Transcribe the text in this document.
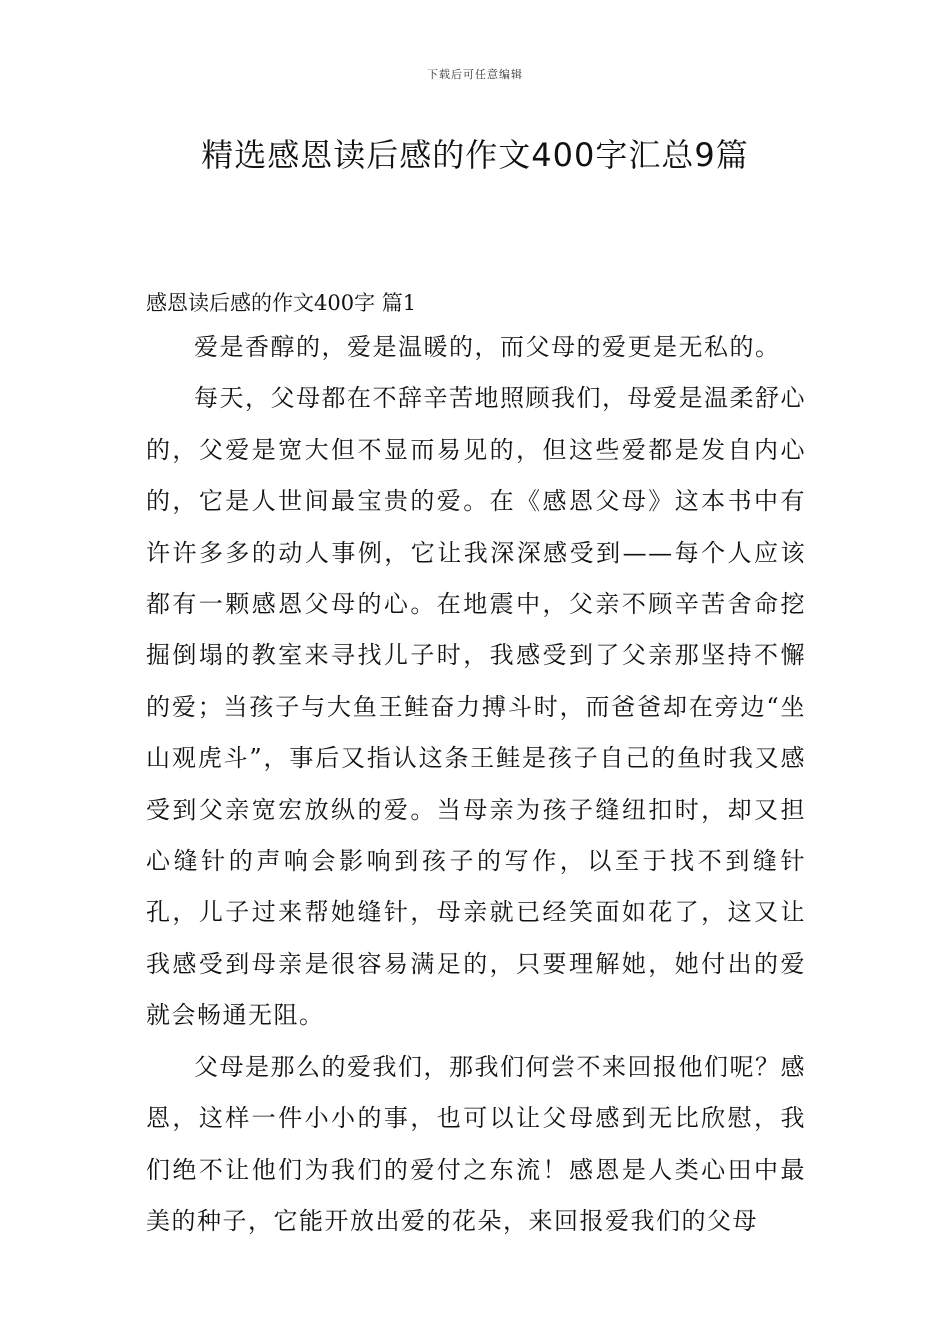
下载后可任意编辑
精选感恩读后感的作文400字汇总9篇
感恩读后感的作文400字 篇1

爱是香醇的，爱是温暖的，而父母的爱更是无私的。

每天，父母都在不辞辛苦地照顾我们，母爱是温柔舒心的，父爱是宽大但不显而易见的，但这些爱都是发自内心的，它是人世间最宝贵的爱。在《感恩父母》这本书中有许许多多的动人事例，它让我深深感受到——每个人应该都有一颗感恩父母的心。在地震中，父亲不顾辛苦舍命挖掘倒塌的教室来寻找儿子时，我感受到了父亲那坚持不懈的爱；当孩子与大鱼王鲑奋力搏斗时，而爸爸却在旁边“坐山观虎斗”，事后又指认这条王鲑是孩子自己的鱼时我又感受到父亲宽宏放纵的爱。当母亲为孩子缝纽扣时，却又担心缝针的声响会影响到孩子的写作，以至于找不到缝针孔，儿子过来帮她缝针，母亲就已经笑面如花了，这又让我感受到母亲是很容易满足的，只要理解她，她付出的爱就会畅通无阻。

父母是那么的爱我们，那我们何尝不来回报他们呢？感恩，这样一件小小的事，也可以让父母感到无比欣慰，我们绝不让他们为我们的爱付之东流！感恩是人类心田中最美的种子，它能开放出爱的花朵，来回报爱我们的父母
